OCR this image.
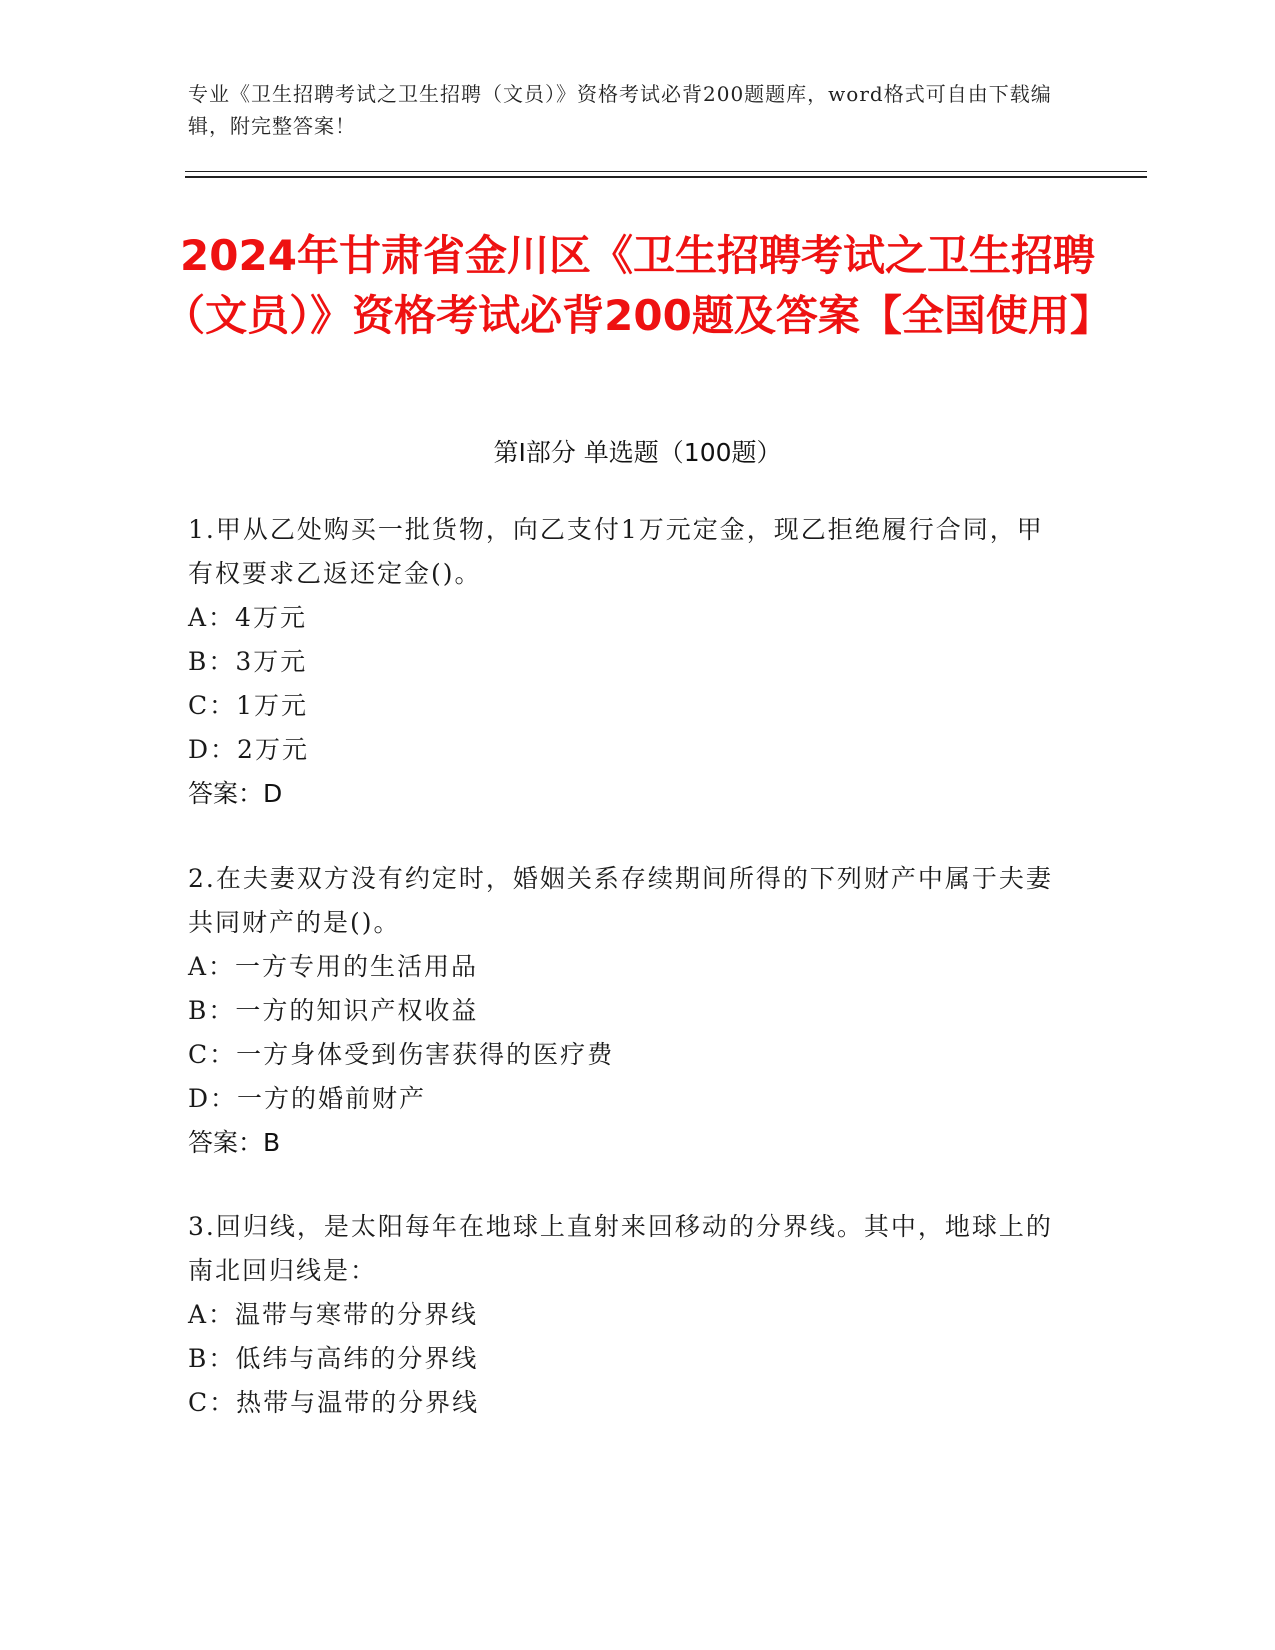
专业《卫生招聘考试之卫生招聘（文员）》资格考试必背200题题库，word格式可自由下载编辑，附完整答案！
2024年甘肃省金川区《卫生招聘考试之卫生招聘（文员）》资格考试必背200题及答案【全国使用】
第I部分 单选题（100题）

1.甲从乙处购买一批货物，向乙支付1万元定金，现乙拒绝履行合同，甲有权要求乙返还定金()。

A：4万元

B：3万元

C：1万元

D：2万元

答案：D

2.在夫妻双方没有约定时，婚姻关系存续期间所得的下列财产中属于夫妻共同财产的是()。

A：一方专用的生活用品

B：一方的知识产权收益

C：一方身体受到伤害获得的医疗费

D：一方的婚前财产

答案：B

3.回归线，是太阳每年在地球上直射来回移动的分界线。其中，地球上的南北回归线是：

A：温带与寒带的分界线

B：低纬与高纬的分界线

C：热带与温带的分界线
